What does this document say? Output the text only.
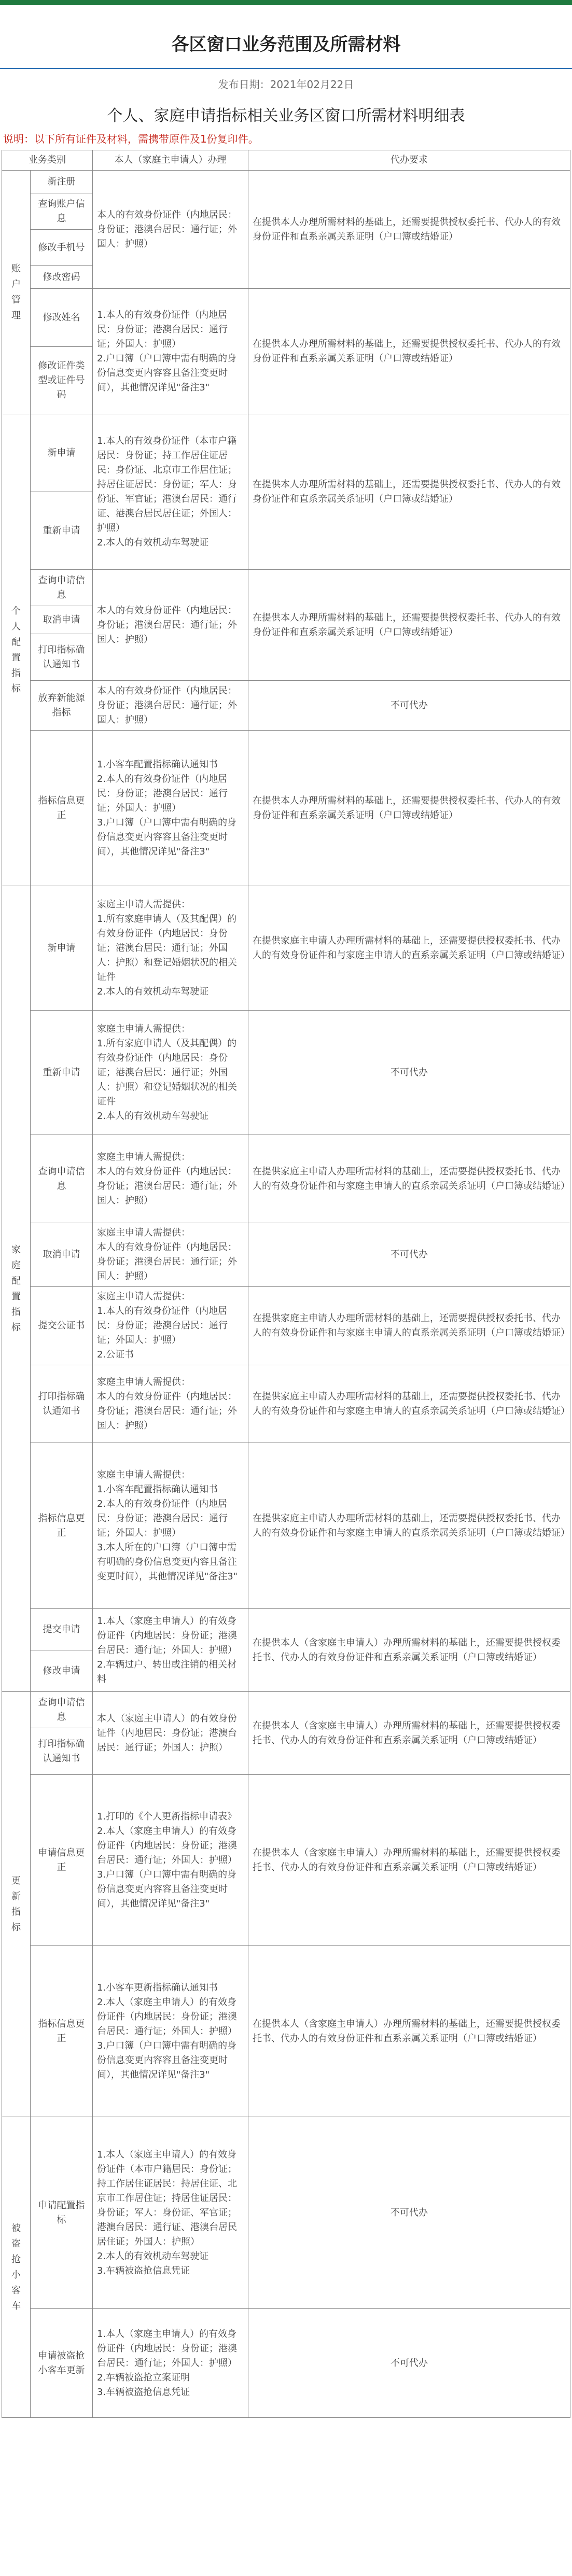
各区窗口业务范围及所需材料
发布日期：2021年02月22日
个人、家庭申请指标相关业务区窗口所需材料明细表
说明：以下所有证件及材料，需携带原件及1份复印件。
业务类别		本人（家庭主申请人）办理	代办要求
账户管理	新注册	本人的有效身份证件（内地居民：身份证；港澳台居民：通行证；外国人：护照）	在提供本人办理所需材料的基础上，还需要提供授权委托书、代办人的有效身份证件和直系亲属关系证明（户口簿或结婚证）
	查询账户信息		
	修改手机号		
	修改密码		
	修改姓名	1.本人的有效身份证件（内地居民：身份证；港澳台居民：通行证；外国人：护照）
2.户口簿（户口簿中需有明确的身份信息变更内容容且备注变更时间），其他情况详见"备注3"	在提供本人办理所需材料的基础上，还需要提供授权委托书、代办人的有效身份证件和直系亲属关系证明（户口簿或结婚证）
	修改证件类型或证件号码		
个人配置指标	新申请	1.本人的有效身份证件（本市户籍居民：身份证；持工作居住证居民：身份证、北京市工作居住证；持居住证居民：身份证；军人：身份证、军官证；港澳台居民：通行证、港澳台居民居住证；外国人：护照）
2.本人的有效机动车驾驶证	在提供本人办理所需材料的基础上，还需要提供授权委托书、代办人的有效身份证件和直系亲属关系证明（户口簿或结婚证）
	重新申请		
	查询申请信息	本人的有效身份证件（内地居民：身份证；港澳台居民：通行证；外国人：护照）	在提供本人办理所需材料的基础上，还需要提供授权委托书、代办人的有效身份证件和直系亲属关系证明（户口簿或结婚证）
	取消申请		
	打印指标确认通知书		
	放弃新能源指标	本人的有效身份证件（内地居民：身份证；港澳台居民：通行证；外国人：护照）	不可代办
	指标信息更正	1.小客车配置指标确认通知书
2.本人的有效身份证件（内地居民：身份证；港澳台居民：通行证；外国人：护照）
3.户口簿（户口簿中需有明确的身份信息变更内容容且备注变更时间），其他情况详见"备注3"	在提供本人办理所需材料的基础上，还需要提供授权委托书、代办人的有效身份证件和直系亲属关系证明（户口簿或结婚证）
家庭配置指标	新申请	家庭主申请人需提供：
1.所有家庭申请人（及其配偶）的有效身份证件（内地居民：身份证；港澳台居民：通行证；外国人：护照）和登记婚姻状况的相关证件
2.本人的有效机动车驾驶证	在提供家庭主申请人办理所需材料的基础上，还需要提供授权委托书、代办人的有效身份证件和与家庭主申请人的直系亲属关系证明（户口簿或结婚证）
	重新申请	家庭主申请人需提供：
1.所有家庭申请人（及其配偶）的有效身份证件（内地居民：身份证；港澳台居民：通行证；外国人：护照）和登记婚姻状况的相关证件
2.本人的有效机动车驾驶证	不可代办
	查询申请信息	家庭主申请人需提供：
本人的有效身份证件（内地居民：身份证；港澳台居民：通行证；外国人：护照）	在提供家庭主申请人办理所需材料的基础上，还需要提供授权委托书、代办人的有效身份证件和与家庭主申请人的直系亲属关系证明（户口簿或结婚证）
	取消申请	家庭主申请人需提供：
本人的有效身份证件（内地居民：身份证；港澳台居民：通行证；外国人：护照）	不可代办
	提交公证书	家庭主申请人需提供：
1.本人的有效身份证件（内地居民：身份证；港澳台居民：通行证；外国人：护照）
2.公证书	在提供家庭主申请人办理所需材料的基础上，还需要提供授权委托书、代办人的有效身份证件和与家庭主申请人的直系亲属关系证明（户口簿或结婚证）
	打印指标确认通知书	家庭主申请人需提供：
本人的有效身份证件（内地居民：身份证；港澳台居民：通行证；外国人：护照）	在提供家庭主申请人办理所需材料的基础上，还需要提供授权委托书、代办人的有效身份证件和与家庭主申请人的直系亲属关系证明（户口簿或结婚证）
	指标信息更正	家庭主申请人需提供：
1.小客车配置指标确认通知书
2.本人的有效身份证件（内地居民：身份证；港澳台居民：通行证；外国人：护照）
3.本人所在的户口簿（户口簿中需有明确的身份信息变更内容且备注变更时间），其他情况详见"备注3"	在提供家庭主申请人办理所需材料的基础上，还需要提供授权委托书、代办人的有效身份证件和与家庭主申请人的直系亲属关系证明（户口簿或结婚证）
	提交申请	1.本人（家庭主申请人）的有效身份证件（内地居民：身份证；港澳台居民：通行证；外国人：护照）
2.车辆过户、转出或注销的相关材料	在提供本人（含家庭主申请人）办理所需材料的基础上，还需要提供授权委托书、代办人的有效身份证件和直系亲属关系证明（户口簿或结婚证）
	修改申请		
更新指标	查询申请信息	本人（家庭主申请人）的有效身份证件（内地居民：身份证；港澳台居民：通行证；外国人：护照）	在提供本人（含家庭主申请人）办理所需材料的基础上，还需要提供授权委托书、代办人的有效身份证件和直系亲属关系证明（户口簿或结婚证）
	打印指标确认通知书		
	申请信息更正	1.打印的《个人更新指标申请表》
2.本人（家庭主申请人）的有效身份证件（内地居民：身份证；港澳台居民：通行证；外国人：护照）
3.户口簿（户口簿中需有明确的身份信息变更内容容且备注变更时间），其他情况详见"备注3"	在提供本人（含家庭主申请人）办理所需材料的基础上，还需要提供授权委托书、代办人的有效身份证件和直系亲属关系证明（户口簿或结婚证）
	指标信息更正	1.小客车更新指标确认通知书
2.本人（家庭主申请人）的有效身份证件（内地居民：身份证；港澳台居民：通行证；外国人：护照）
3.户口簿（户口簿中需有明确的身份信息变更内容容且备注变更时间），其他情况详见"备注3"	在提供本人（含家庭主申请人）办理所需材料的基础上，还需要提供授权委托书、代办人的有效身份证件和直系亲属关系证明（户口簿或结婚证）
被盗抢小客车	申请配置指标	1.本人（家庭主申请人）的有效身份证件（本市户籍居民：身份证；持工作居住证居民：持居住证、北京市工作居住证；持居住证居民：身份证；军人：身份证、军官证；港澳台居民：通行证、港澳台居民居住证；外国人：护照）
2.本人的有效机动车驾驶证
3.车辆被盗抢信息凭证	不可代办
	申请被盗抢小客车更新	1.本人（家庭主申请人）的有效身份证件（内地居民：身份证；港澳台居民：通行证；外国人：护照）
2.车辆被盗抢立案证明
3.车辆被盗抢信息凭证	不可代办
